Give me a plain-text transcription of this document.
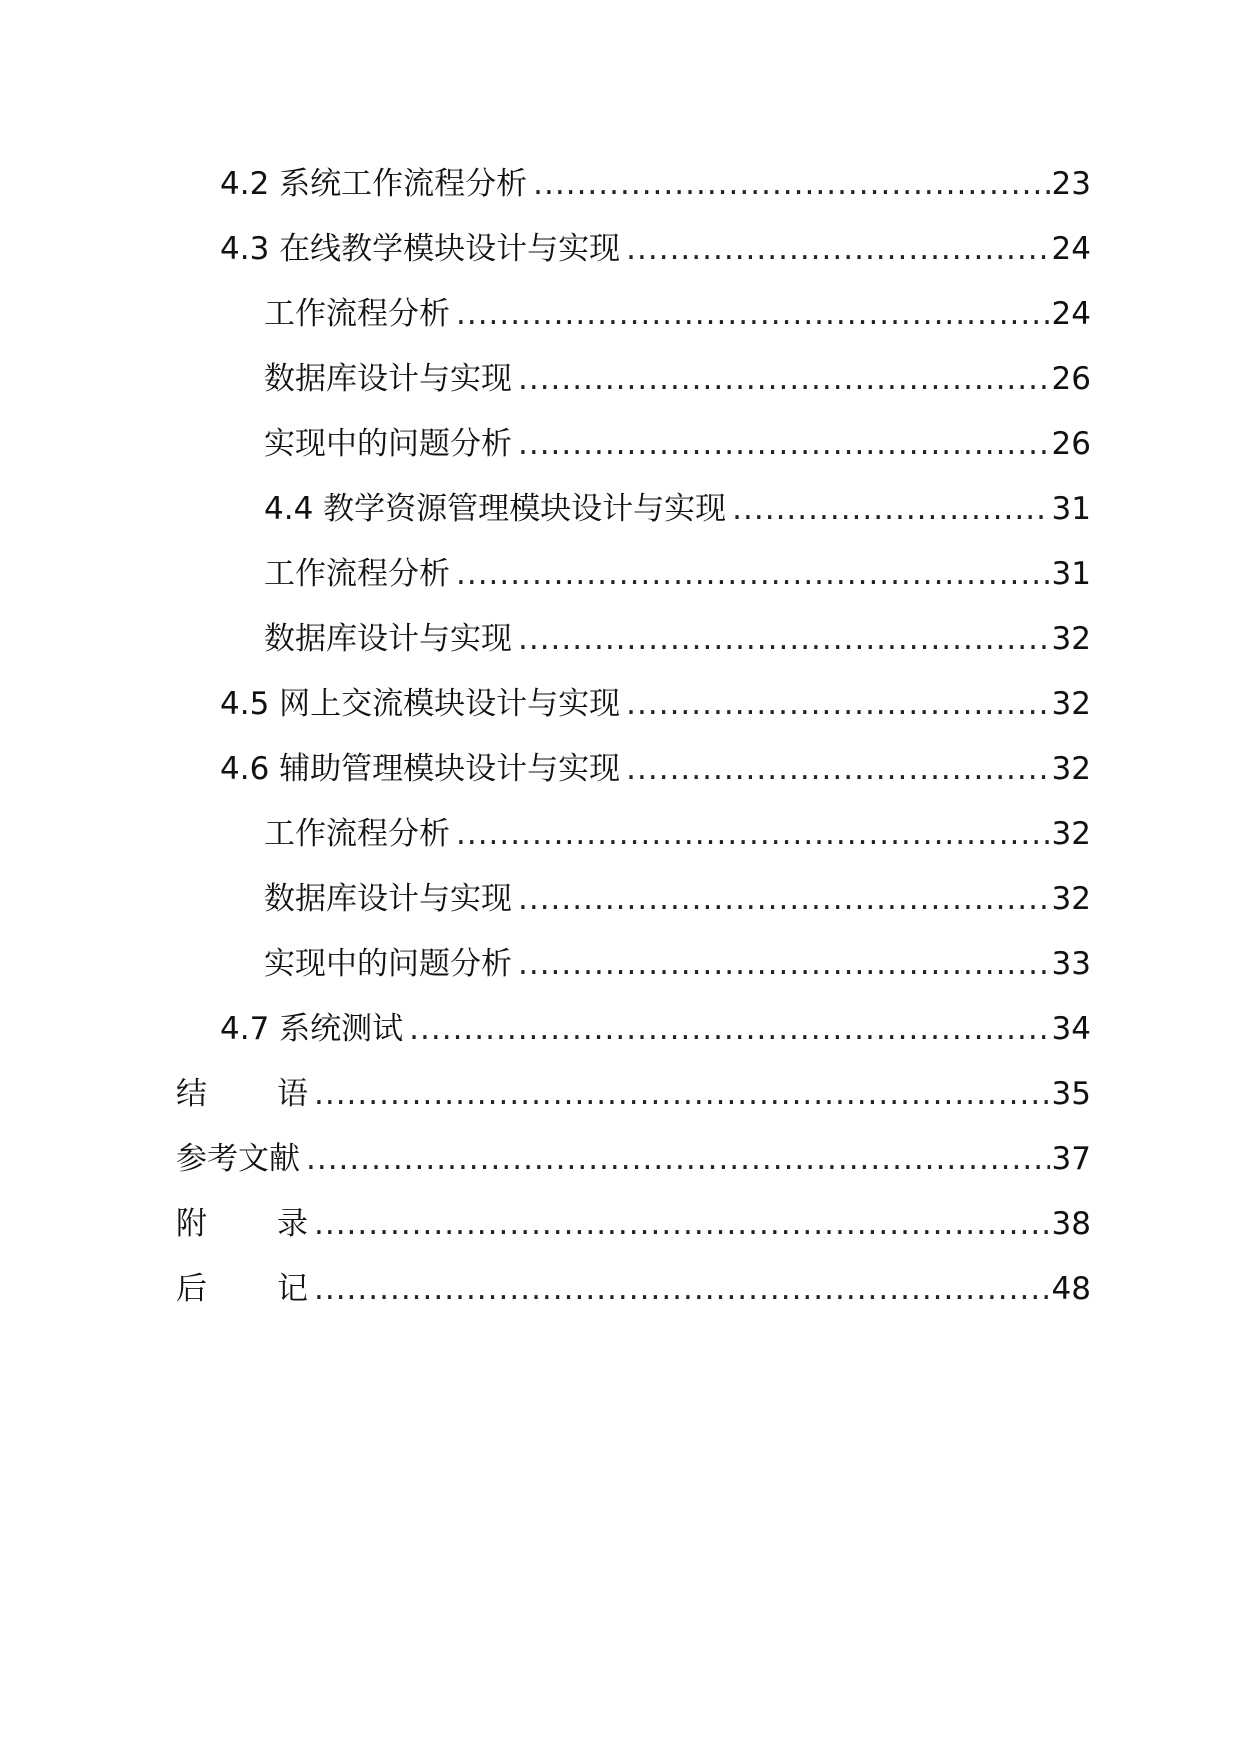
4.2 系统工作流程分析 .....	23
4.3 在线教学模块设计与实现 .....	24
工作流程分析 .....	24
数据库设计与实现 .....	26
实现中的问题分析 .....	26
4.4 教学资源管理模块设计与实现 .....	31
工作流程分析 .....	31
数据库设计与实现 .....	32
4.5 网上交流模块设计与实现 .....	32
4.6 辅助管理模块设计与实现 .....	32
工作流程分析 .....	32
数据库设计与实现 .....	32
实现中的问题分析 .....	33
4.7 系统测试 .....	34
结 语 .....	35
参考文献 .....	37
附 录 .....	38
后 记 .....	48
